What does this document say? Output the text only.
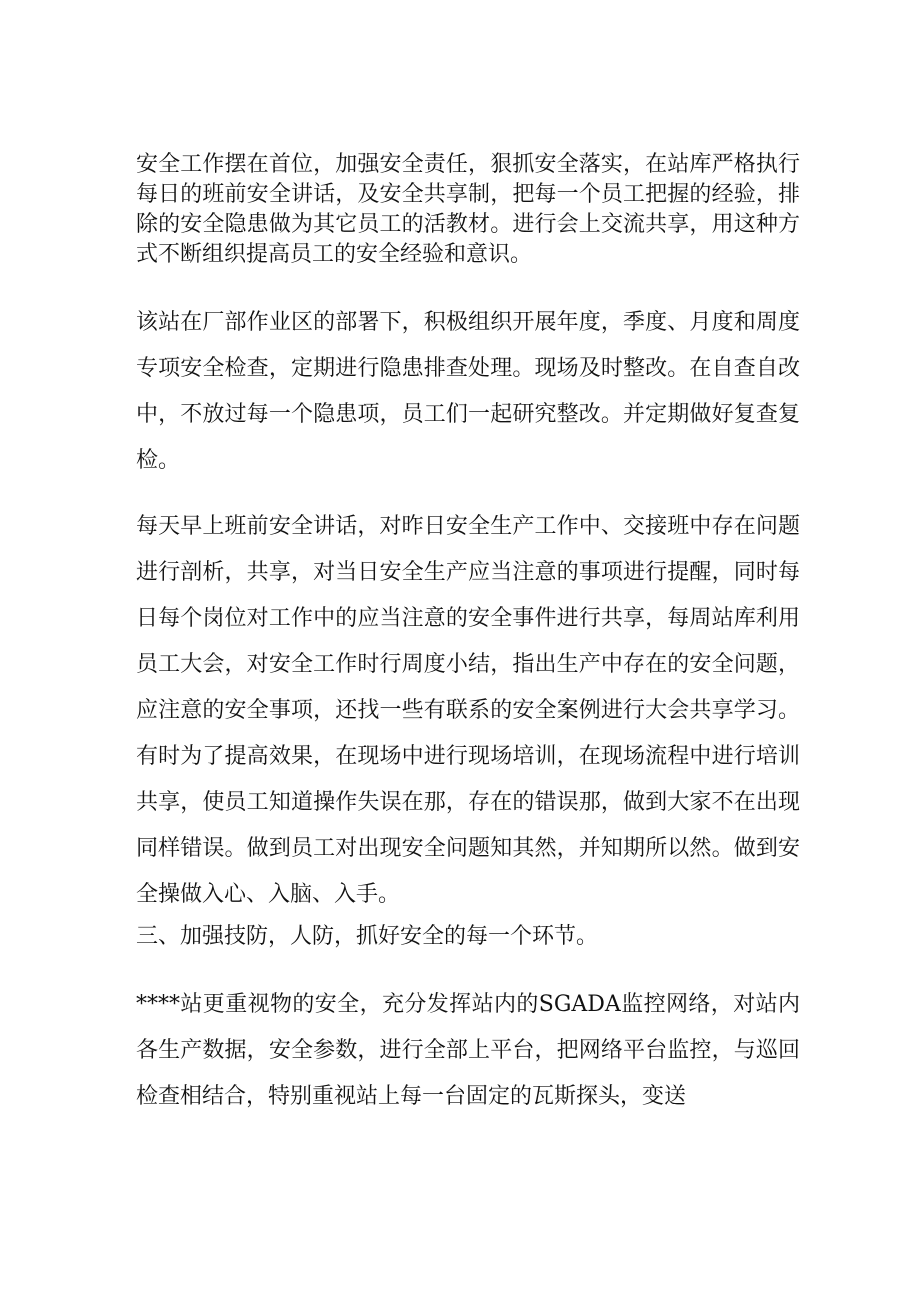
安全工作摆在首位，加强安全责任，狠抓安全落实，在站库严格执行每日的班前安全讲话，及安全共享制，把每一个员工把握的经验，排除的安全隐患做为其它员工的活教材。进行会上交流共享，用这种方式不断组织提高员工的安全经验和意识。

该站在厂部作业区的部署下，积极组织开展年度，季度、月度和周度专项安全检查，定期进行隐患排查处理。现场及时整改。在自查自改中，不放过每一个隐患项，员工们一起研究整改。并定期做好复查复检。

每天早上班前安全讲话，对昨日安全生产工作中、交接班中存在问题进行剖析，共享，对当日安全生产应当注意的事项进行提醒，同时每日每个岗位对工作中的应当注意的安全事件进行共享，每周站库利用员工大会，对安全工作时行周度小结，指出生产中存在的安全问题，应注意的安全事项，还找一些有联系的安全案例进行大会共享学习。有时为了提高效果，在现场中进行现场培训，在现场流程中进行培训共享，使员工知道操作失误在那，存在的错误那，做到大家不在出现同样错误。做到员工对出现安全问题知其然，并知期所以然。做到安全操做入心、入脑、入手。

三、加强技防，人防，抓好安全的每一个环节。

****站更重视物的安全，充分发挥站内的SGADA监控网络，对站内各生产数据，安全参数，进行全部上平台，把网络平台监控，与巡回检查相结合，特别重视站上每一台固定的瓦斯探头，变送
